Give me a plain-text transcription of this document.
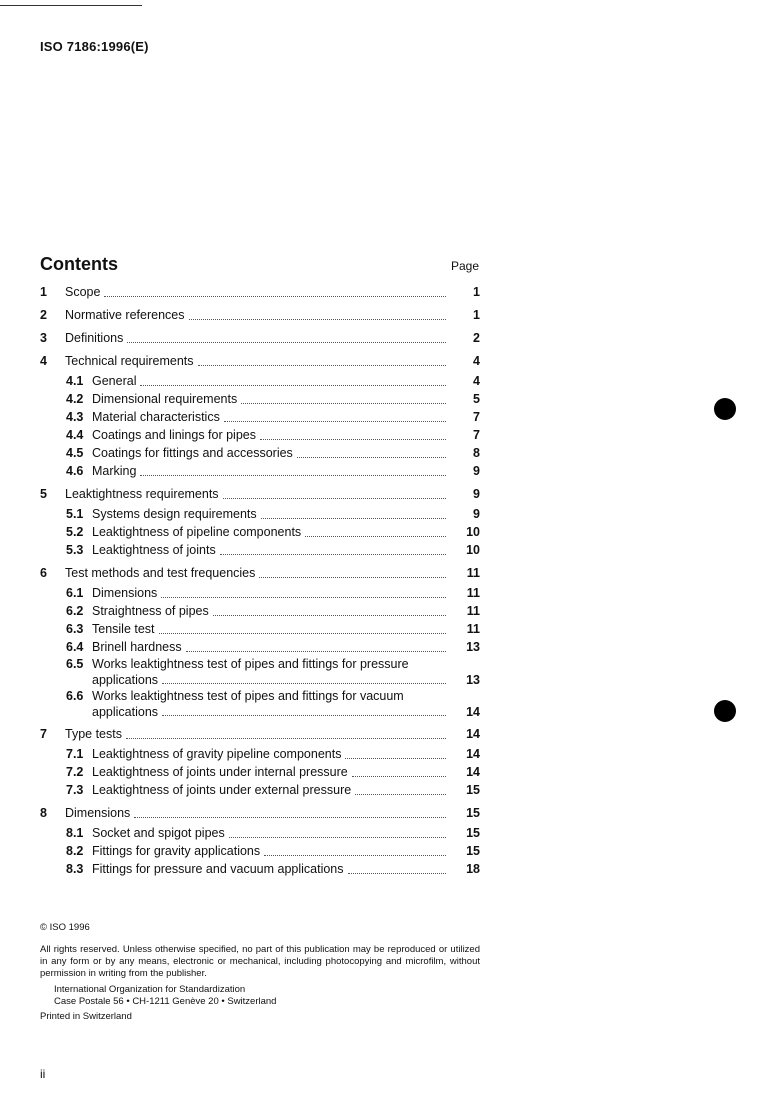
ISO 7186:1996(E)
Contents	Page
1	Scope	1
2	Normative references	1
3	Definitions	2
4	Technical requirements	4
4.1 General	4
4.2 Dimensional requirements	5
4.3 Material characteristics	7
4.4 Coatings and linings for pipes	7
4.5 Coatings for fittings and accessories	8
4.6 Marking	9
5	Leaktightness requirements	9
5.1 Systems design requirements	9
5.2 Leaktightness of pipeline components	10
5.3 Leaktightness of joints	10
6	Test methods and test frequencies	11
6.1 Dimensions	11
6.2 Straightness of pipes	11
6.3 Tensile test	11
6.4 Brinell hardness	13
6.5 Works leaktightness test of pipes and fittings for pressure
applications	13
6.6 Works leaktightness test of pipes and fittings for vacuum
applications	14
7	Type tests	14
7.1 Leaktightness of gravity pipeline components	14
7.2 Leaktightness of joints under internal pressure	14
7.3 Leaktightness of joints under external pressure	15
8	Dimensions	15
8.1 Socket and spigot pipes	15
8.2 Fittings for gravity applications	15
8.3 Fittings for pressure and vacuum applications	18

© ISO 1996

All rights reserved. Unless otherwise specified, no part of this publication may be reproduced or utilized in any form or by any means, electronic or mechanical, including photocopying and microfilm, without permission in writing from the publisher.

International Organization for Standardization

Case Postale 56 • CH-1211 Genève 20 • Switzerland

Printed in Switzerland

ii
